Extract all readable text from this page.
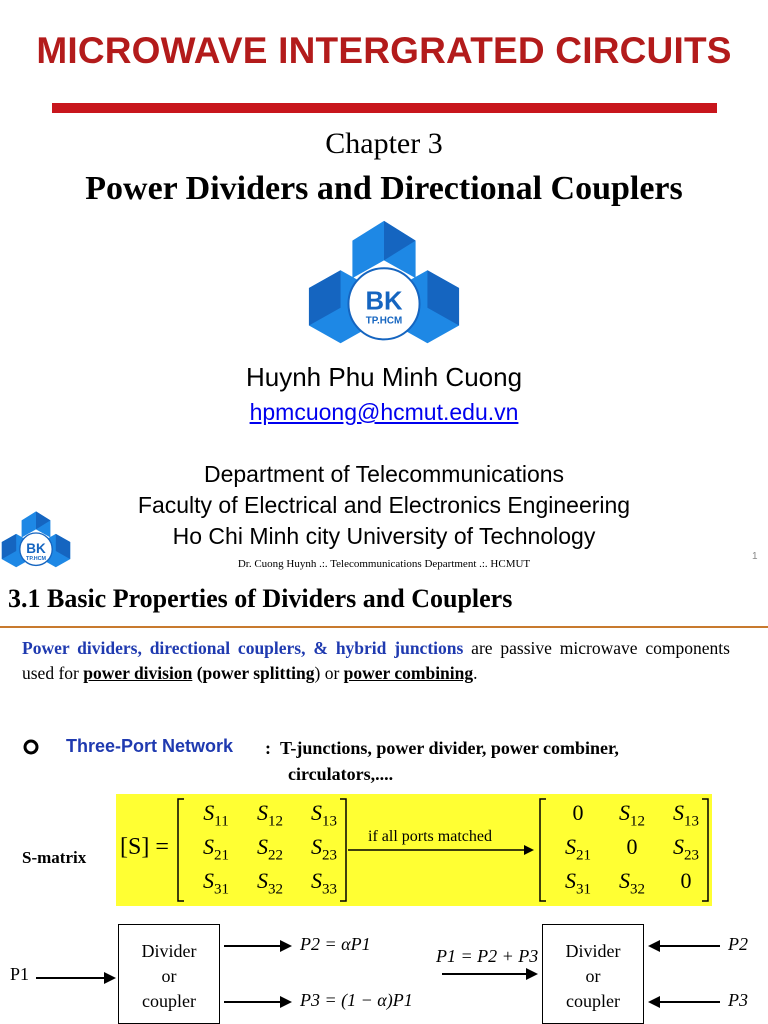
MICROWAVE INTERGRATED CIRCUITS
Chapter 3
Power Dividers and Directional Couplers
BK
TP.HCM
Huynh Phu Minh Cuong
hpmcuong@hcmut.edu.vn
Department of Telecommunications
Faculty of Electrical and Electronics Engineering
Ho Chi Minh city University of Technology
BK
TP.HCM	Dr. Cuong Huynh .:. Telecommunications Department .:. HCMUT
1
3.1 Basic Properties of Dividers and Couplers
Power dividers, directional couplers, & hybrid junctions are passive microwave components used for power division (power splitting) or power combining.
Three-Port Network : T-junctions, power divider, power combiner,
circulators,....
S-matrix [S] =
$S_{11}$	$S_{12}$	$S_{13}$
$S_{21}$	$S_{22}$	$S_{23}$
$S_{31}$	$S_{32}$	$S_{33}$
if all ports matched
0	$S_{12}$	$S_{13}$
$S_{21}$	0	$S_{23}$
$S_{31}$	$S_{32}$	0
P1
Divider
or
coupler
P2 = αP1
P3 = (1 − α)P1
P1 = P2 + P3	Divider
or
coupler
P2
P3
